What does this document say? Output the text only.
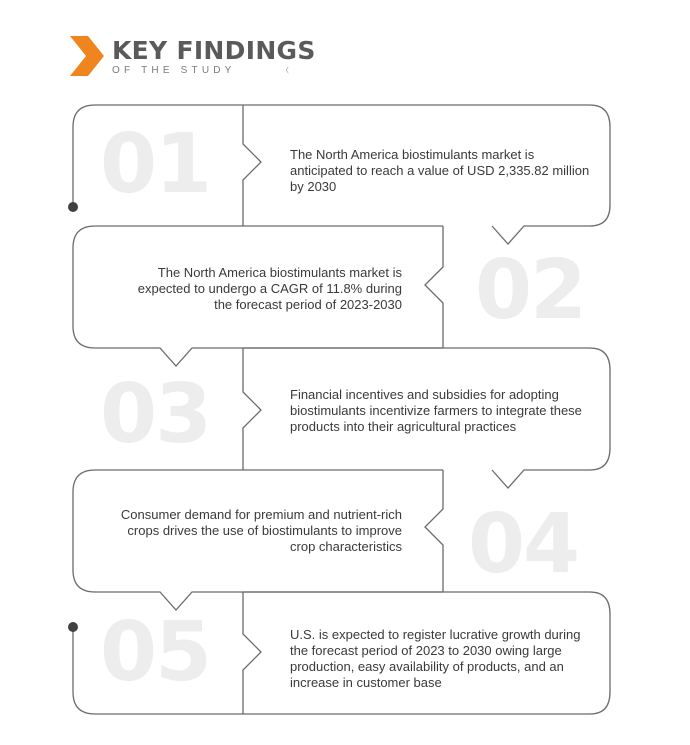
KEY FINDINGS
OF THE STUDY
01	The North America biostimulants market is anticipated to reach a value of USD 2,335.82 million by 2030
02
The North America biostimulants market is expected to undergo a CAGR of 11.8% during the forecast period of 2023-2030
03	Financial incentives and subsidies for adopting biostimulants incentivize farmers to integrate these products into their agricultural practices
04
Consumer demand for premium and nutrient-rich crops drives the use of biostimulants to improve crop characteristics
05	U.S. is expected to register lucrative growth during the forecast period of 2023 to 2030 owing large production, easy availability of products, and an increase in customer base
